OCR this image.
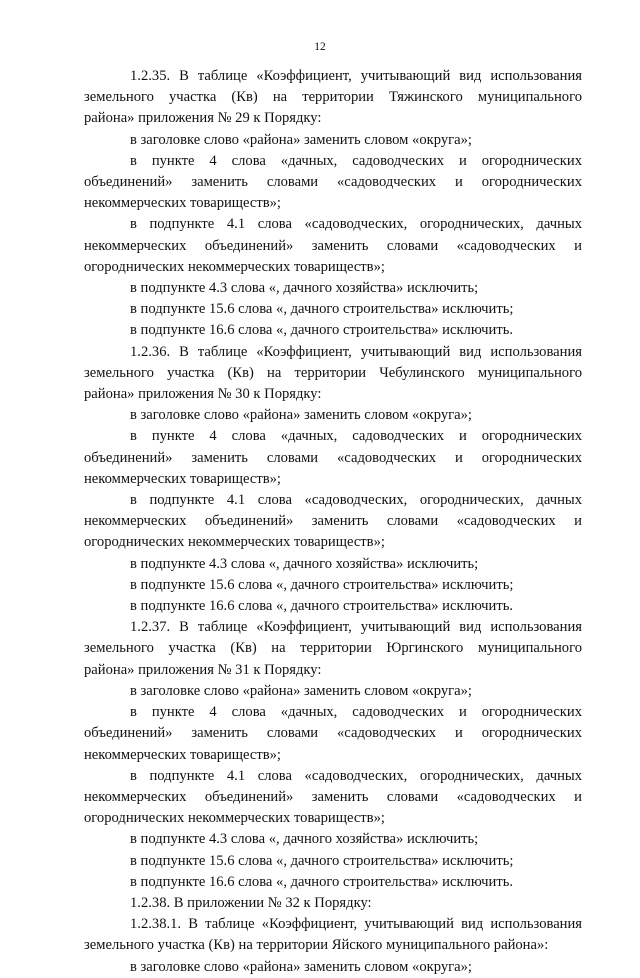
12
1.2.35. В таблице «Коэффициент, учитывающий вид использования
земельного участка (Кв) на территории Тяжинского муниципального
района» приложения № 29 к Порядку:
в заголовке слово «района» заменить словом «округа»;
в пункте 4 слова «дачных, садоводческих и огороднических
объединений» заменить словами «садоводческих и огороднических
некоммерческих товариществ»;
в подпункте 4.1 слова «садоводческих, огороднических, дачных
некоммерческих объединений» заменить словами «садоводческих и
огороднических некоммерческих товариществ»;
в подпункте 4.3 слова «, дачного хозяйства» исключить;
в подпункте 15.6 слова «, дачного строительства» исключить;
в подпункте 16.6 слова «, дачного строительства» исключить.
1.2.36. В таблице «Коэффициент, учитывающий вид использования
земельного участка (Кв) на территории Чебулинского муниципального
района» приложения № 30 к Порядку:
в заголовке слово «района» заменить словом «округа»;
в пункте 4 слова «дачных, садоводческих и огороднических
объединений» заменить словами «садоводческих и огороднических
некоммерческих товариществ»;
в подпункте 4.1 слова «садоводческих, огороднических, дачных
некоммерческих объединений» заменить словами «садоводческих и
огороднических некоммерческих товариществ»;
в подпункте 4.3 слова «, дачного хозяйства» исключить;
в подпункте 15.6 слова «, дачного строительства» исключить;
в подпункте 16.6 слова «, дачного строительства» исключить.
1.2.37. В таблице «Коэффициент, учитывающий вид использования
земельного участка (Кв) на территории Юргинского муниципального
района» приложения № 31 к Порядку:
в заголовке слово «района» заменить словом «округа»;
в пункте 4 слова «дачных, садоводческих и огороднических
объединений» заменить словами «садоводческих и огороднических
некоммерческих товариществ»;
в подпункте 4.1 слова «садоводческих, огороднических, дачных
некоммерческих объединений» заменить словами «садоводческих и
огороднических некоммерческих товариществ»;
в подпункте 4.3 слова «, дачного хозяйства» исключить;
в подпункте 15.6 слова «, дачного строительства» исключить;
в подпункте 16.6 слова «, дачного строительства» исключить.
1.2.38. В приложении № 32 к Порядку:
1.2.38.1. В таблице «Коэффициент, учитывающий вид использования
земельного участка (Кв) на территории Яйского муниципального района»:
в заголовке слово «района» заменить словом «округа»;
